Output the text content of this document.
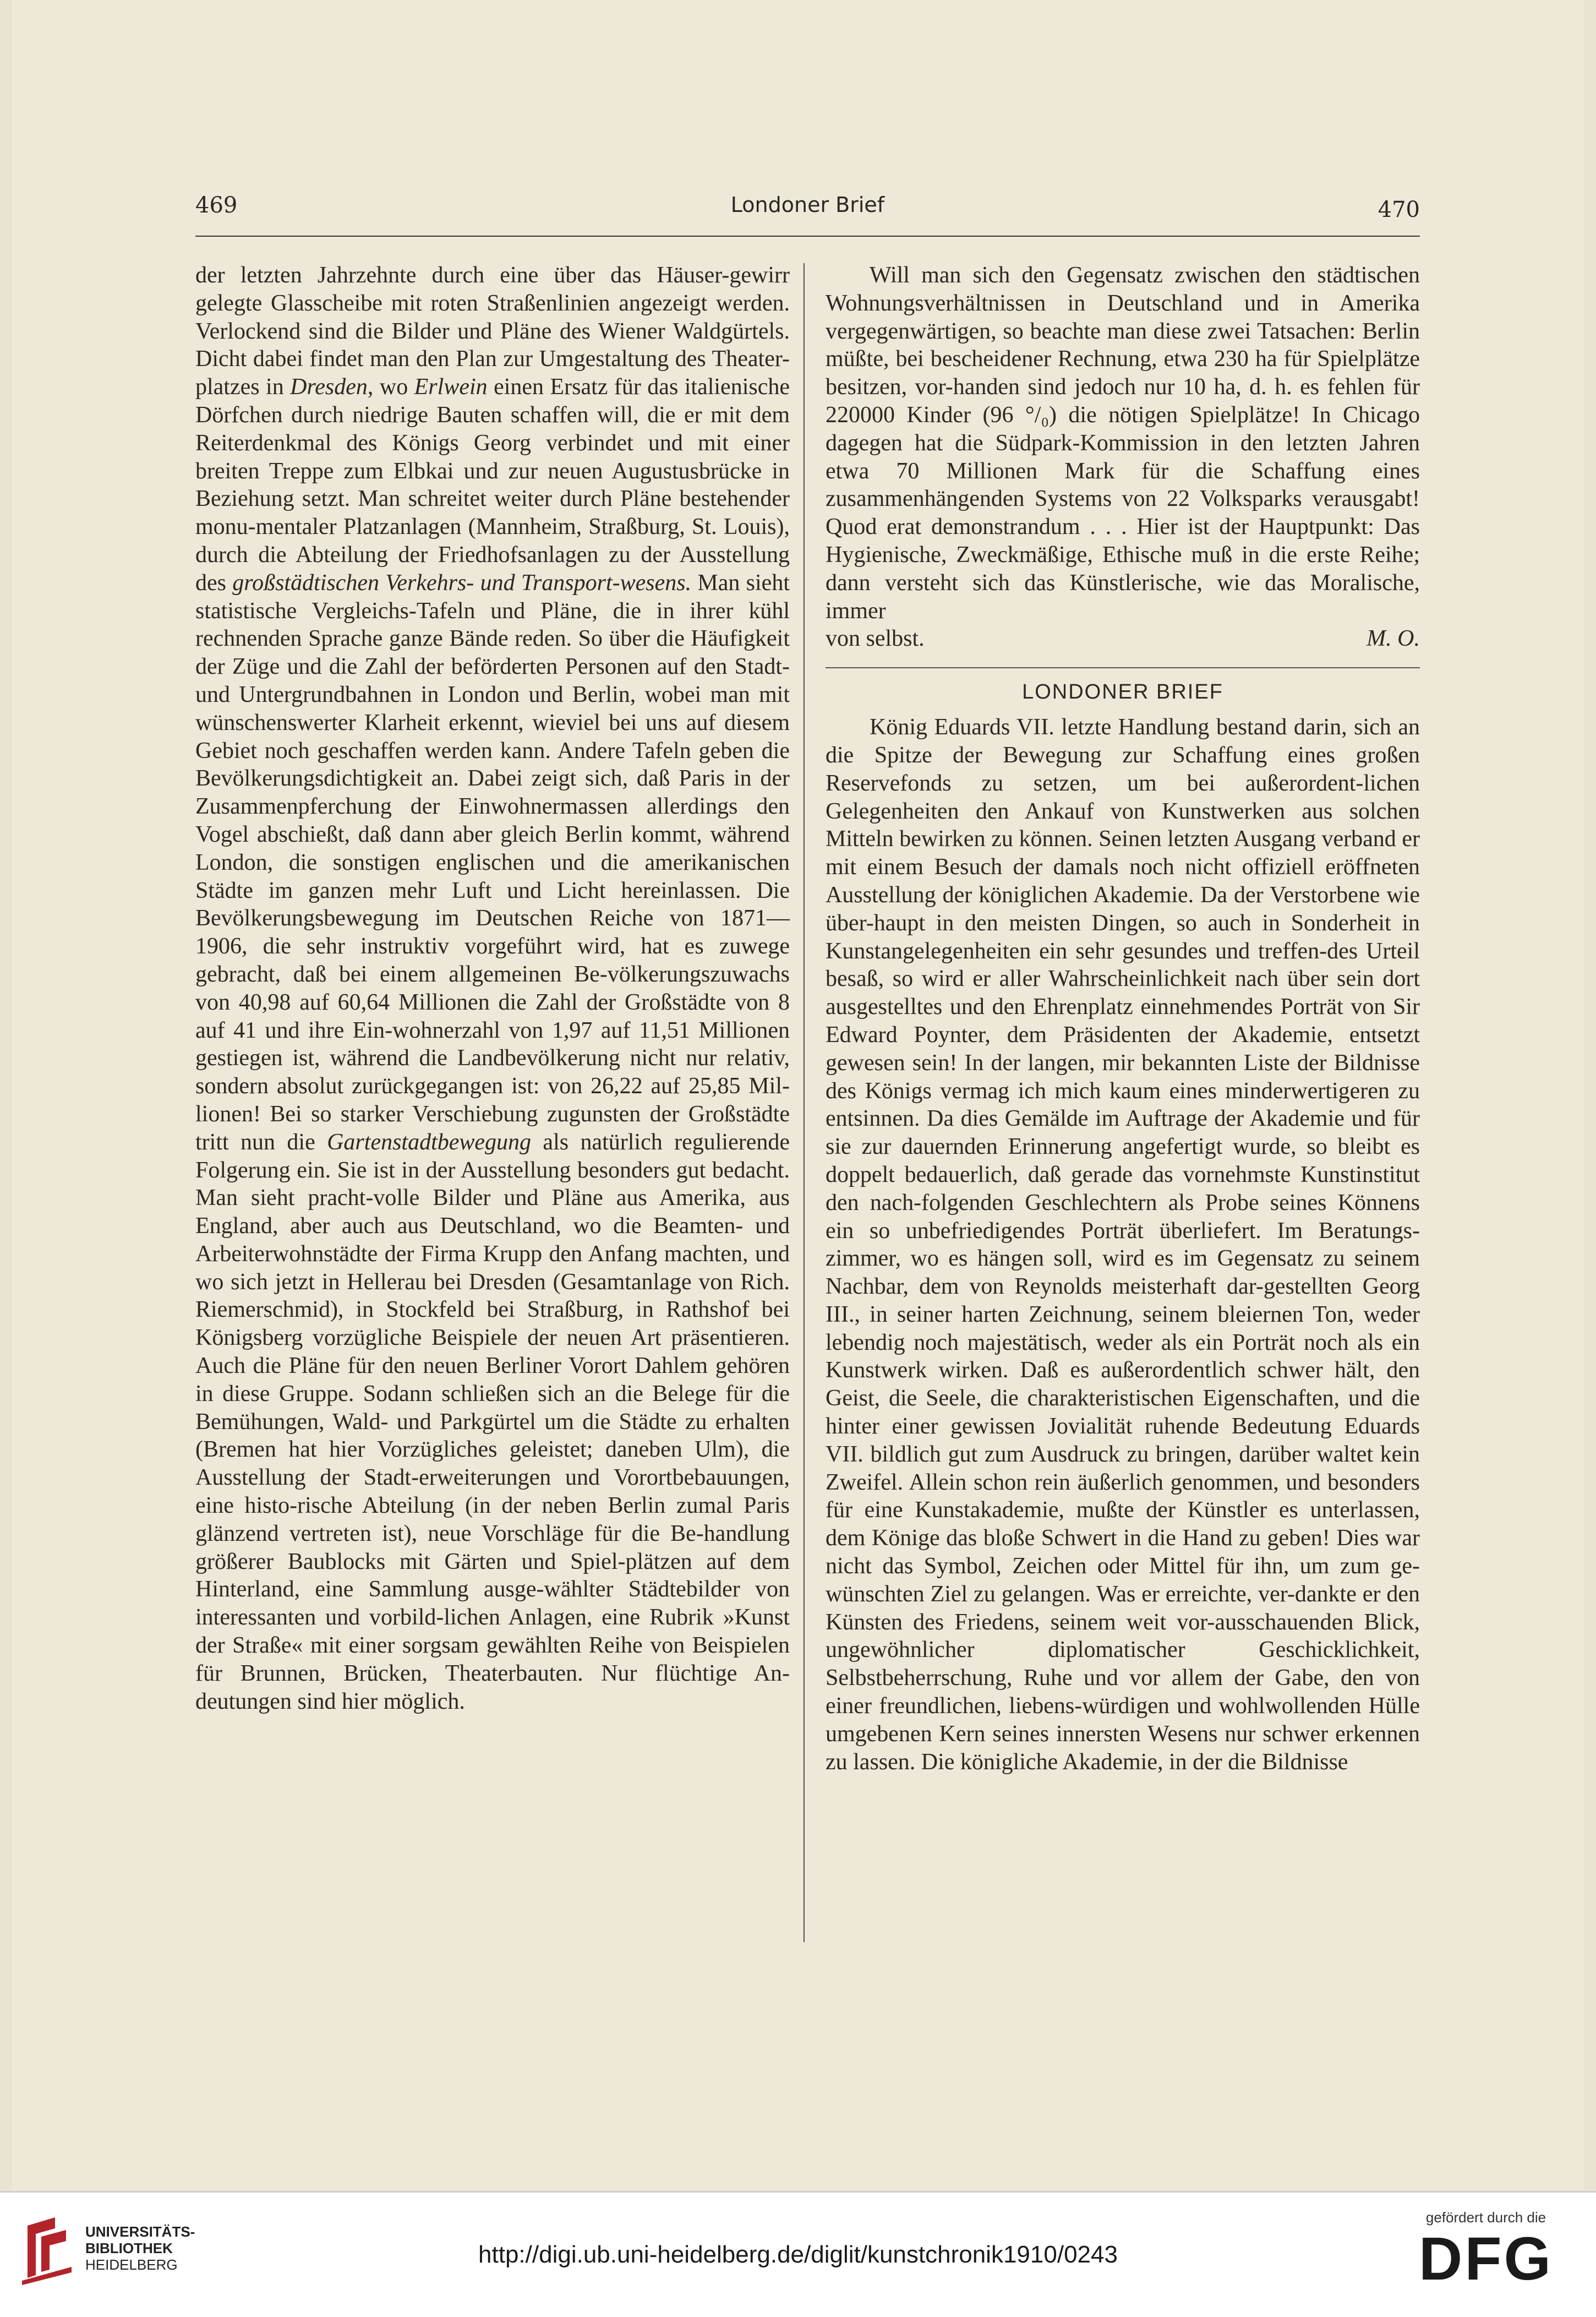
469	Londoner Brief	470

der letzten Jahrzehnte durch eine über das Häuser-gewirr gelegte Glasscheibe mit roten Straßenlinien angezeigt werden. Verlockend sind die Bilder und Pläne des Wiener Waldgürtels. Dicht dabei findet man den Plan zur Umgestaltung des Theater-platzes in Dresden, wo Erlwein einen Ersatz für das italienische Dörfchen durch niedrige Bauten schaffen will, die er mit dem Reiterdenkmal des Königs Georg verbindet und mit einer breiten Treppe zum Elbkai und zur neuen Augustusbrücke in Beziehung setzt. Man schreitet weiter durch Pläne bestehender monu-mentaler Platzanlagen (Mannheim, Straßburg, St. Louis), durch die Abteilung der Friedhofsanlagen zu der Ausstellung des großstädtischen Verkehrs- und Transport-wesens. Man sieht statistische Vergleichs-Tafeln und Pläne, die in ihrer kühl rechnenden Sprache ganze Bände reden. So über die Häufigkeit der Züge und die Zahl der beförderten Personen auf den Stadt- und Untergrundbahnen in London und Berlin, wobei man mit wünschenswerter Klarheit erkennt, wieviel bei uns auf diesem Gebiet noch geschaffen werden kann. Andere Tafeln geben die Bevölkerungsdichtigkeit an. Dabei zeigt sich, daß Paris in der Zusammenpferchung der Einwohnermassen allerdings den Vogel abschießt, daß dann aber gleich Berlin kommt, während London, die sonstigen englischen und die amerikanischen Städte im ganzen mehr Luft und Licht hereinlassen. Die Bevölkerungsbewegung im Deutschen Reiche von 1871—1906, die sehr instruktiv vorgeführt wird, hat es zuwege gebracht, daß bei einem allgemeinen Be-völkerungszuwachs von 40,98 auf 60,64 Millionen die Zahl der Großstädte von 8 auf 41 und ihre Ein-wohnerzahl von 1,97 auf 11,51 Millionen gestiegen ist, während die Landbevölkerung nicht nur relativ, sondern absolut zurückgegangen ist: von 26,22 auf 25,85 Mil-lionen! Bei so starker Verschiebung zugunsten der Großstädte tritt nun die Gartenstadtbewegung als natürlich regulierende Folgerung ein. Sie ist in der Ausstellung besonders gut bedacht. Man sieht pracht-volle Bilder und Pläne aus Amerika, aus England, aber auch aus Deutschland, wo die Beamten- und Arbeiterwohnstädte der Firma Krupp den Anfang machten, und wo sich jetzt in Hellerau bei Dresden (Gesamtanlage von Rich. Riemerschmid), in Stockfeld bei Straßburg, in Rathshof bei Königsberg vorzügliche Beispiele der neuen Art präsentieren. Auch die Pläne für den neuen Berliner Vorort Dahlem gehören in diese Gruppe. Sodann schließen sich an die Belege für die Bemühungen, Wald- und Parkgürtel um die Städte zu erhalten (Bremen hat hier Vorzügliches geleistet; daneben Ulm), die Ausstellung der Stadt-erweiterungen und Vorortbebauungen, eine histo-rische Abteilung (in der neben Berlin zumal Paris glänzend vertreten ist), neue Vorschläge für die Be-handlung größerer Baublocks mit Gärten und Spiel-plätzen auf dem Hinterland, eine Sammlung ausge-wählter Städtebilder von interessanten und vorbild-lichen Anlagen, eine Rubrik »Kunst der Straße« mit einer sorgsam gewählten Reihe von Beispielen für Brunnen, Brücken, Theaterbauten. Nur flüchtige An-deutungen sind hier möglich.

Will man sich den Gegensatz zwischen den städtischen Wohnungsverhältnissen in Deutschland und in Amerika vergegenwärtigen, so beachte man diese zwei Tatsachen: Berlin müßte, bei bescheidener Rechnung, etwa 230 ha für Spielplätze besitzen, vor-handen sind jedoch nur 10 ha, d. h. es fehlen für 220000 Kinder (96 °/₀) die nötigen Spielplätze! In Chicago dagegen hat die Südpark-Kommission in den letzten Jahren etwa 70 Millionen Mark für die Schaffung eines zusammenhängenden Systems von 22 Volksparks verausgabt! Quod erat demonstrandum . . . Hier ist der Hauptpunkt: Das Hygienische, Zweckmäßige, Ethische muß in die erste Reihe; dann versteht sich das Künstlerische, wie das Moralische, immer

von selbst.	M. O.
LONDONER BRIEF

König Eduards VII. letzte Handlung bestand darin, sich an die Spitze der Bewegung zur Schaffung eines großen Reservefonds zu setzen, um bei außerordent-lichen Gelegenheiten den Ankauf von Kunstwerken aus solchen Mitteln bewirken zu können. Seinen letzten Ausgang verband er mit einem Besuch der damals noch nicht offiziell eröffneten Ausstellung der königlichen Akademie. Da der Verstorbene wie über-haupt in den meisten Dingen, so auch in Sonderheit in Kunstangelegenheiten ein sehr gesundes und treffen-des Urteil besaß, so wird er aller Wahrscheinlichkeit nach über sein dort ausgestelltes und den Ehrenplatz einnehmendes Porträt von Sir Edward Poynter, dem Präsidenten der Akademie, entsetzt gewesen sein! In der langen, mir bekannten Liste der Bildnisse des Königs vermag ich mich kaum eines minderwertigeren zu entsinnen. Da dies Gemälde im Auftrage der Akademie und für sie zur dauernden Erinnerung angefertigt wurde, so bleibt es doppelt bedauerlich, daß gerade das vornehmste Kunstinstitut den nach-folgenden Geschlechtern als Probe seines Könnens ein so unbefriedigendes Porträt überliefert. Im Beratungs-zimmer, wo es hängen soll, wird es im Gegensatz zu seinem Nachbar, dem von Reynolds meisterhaft dar-gestellten Georg III., in seiner harten Zeichnung, seinem bleiernen Ton, weder lebendig noch majestätisch, weder als ein Porträt noch als ein Kunstwerk wirken. Daß es außerordentlich schwer hält, den Geist, die Seele, die charakteristischen Eigenschaften, und die hinter einer gewissen Jovialität ruhende Bedeutung Eduards VII. bildlich gut zum Ausdruck zu bringen, darüber waltet kein Zweifel. Allein schon rein äußerlich genommen, und besonders für eine Kunstakademie, mußte der Künstler es unterlassen, dem Könige das bloße Schwert in die Hand zu geben! Dies war nicht das Symbol, Zeichen oder Mittel für ihn, um zum ge-wünschten Ziel zu gelangen. Was er erreichte, ver-dankte er den Künsten des Friedens, seinem weit vor-ausschauenden Blick, ungewöhnlicher diplomatischer Geschicklichkeit, Selbstbeherrschung, Ruhe und vor allem der Gabe, den von einer freundlichen, liebens-würdigen und wohlwollenden Hülle umgebenen Kern seines innersten Wesens nur schwer erkennen zu lassen. Die königliche Akademie, in der die Bildnisse

UNIVERSITÄTS-
BIBLIOTHEK
HEIDELBERG	http://digi.ub.uni-heidelberg.de/diglit/kunstchronik1910/0243
gefördert durch die
DFG
